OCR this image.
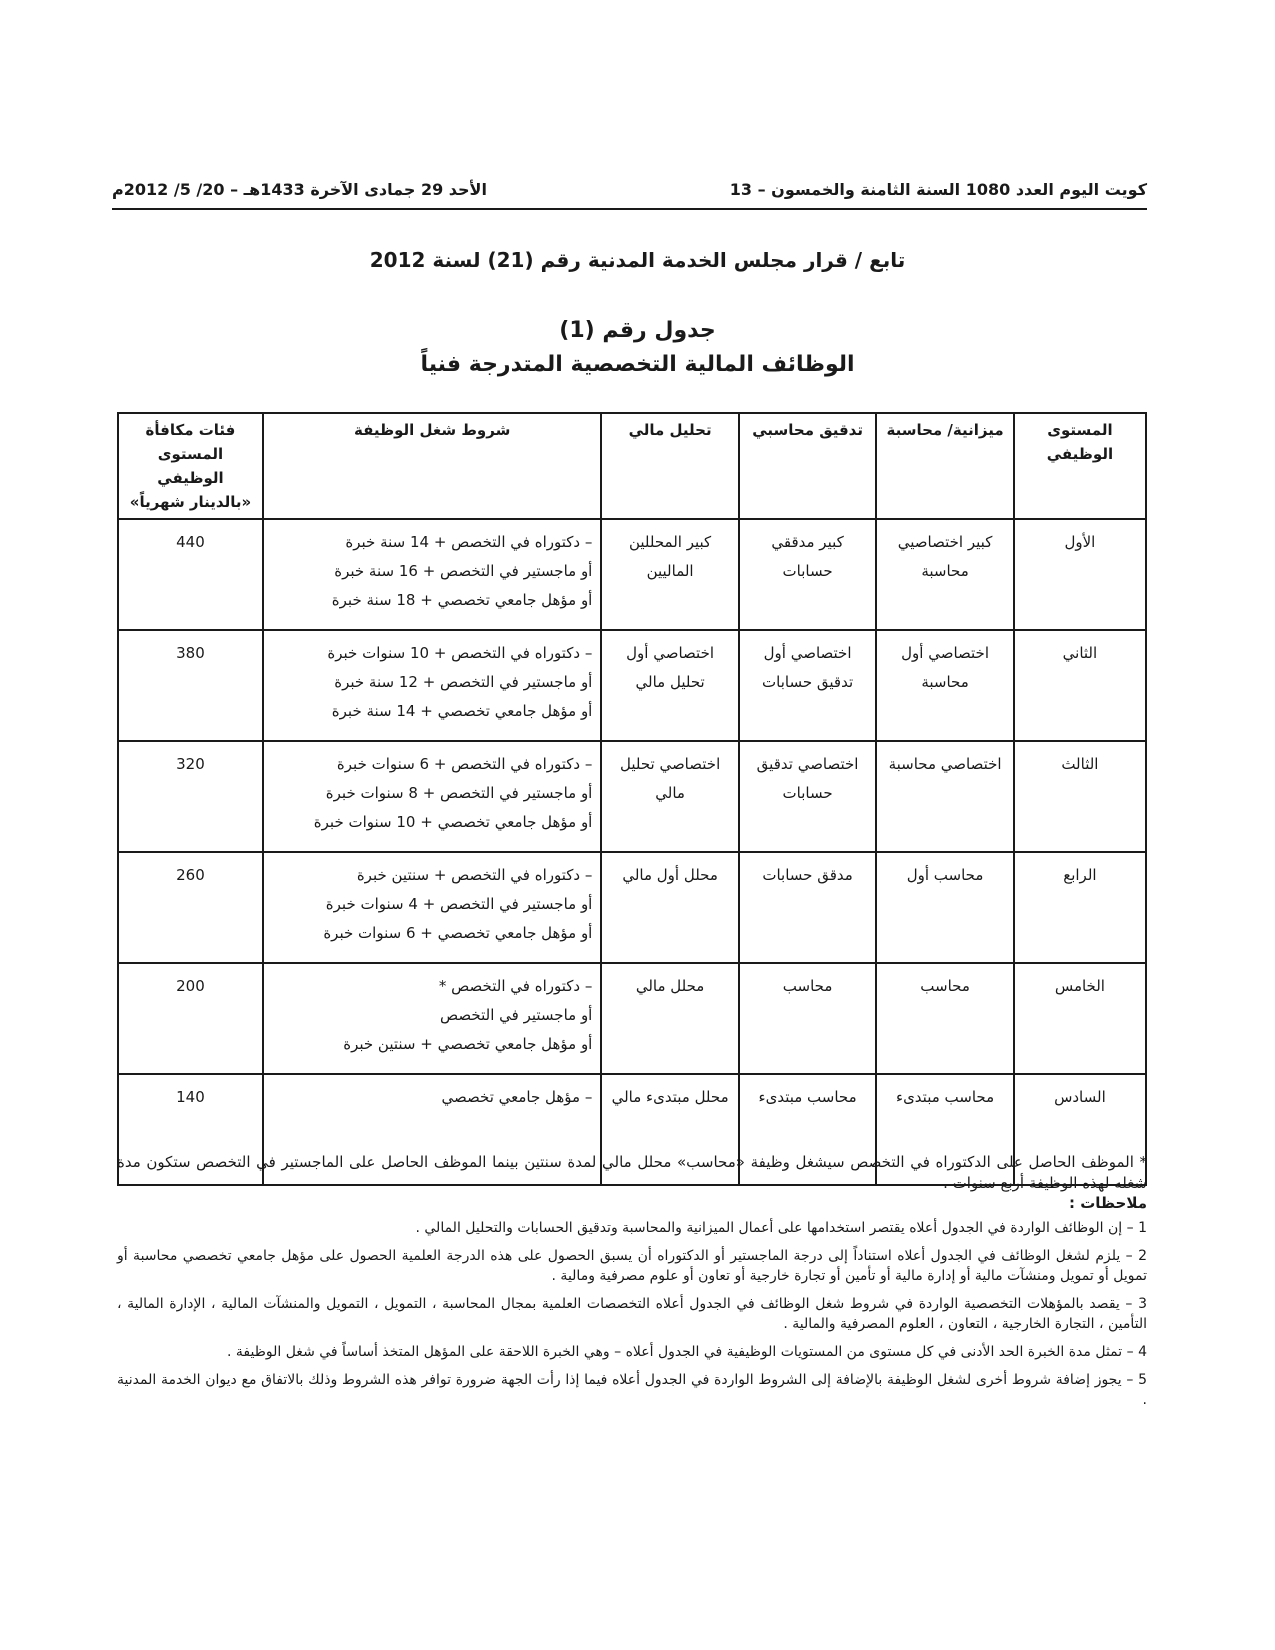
كويت اليوم العدد 1080 السنة الثامنة والخمسون – 13
الأحد 29 جمادى الآخرة 1433هـ – 20/ 5/ 2012م
تابع / قرار مجلس الخدمة المدنية رقم (21) لسنة 2012
جدول رقم (1)
الوظائف المالية التخصصية المتدرجة فنياً
المستوى الوظيفي	ميزانية/ محاسبة	تدقيق محاسبي	تحليل مالي	شروط شغل الوظيفة	فئات مكافأة المستوى الوظيفي «بالدينار شهرياً»
الأول	كبير اختصاصيي محاسبة	كبير مدققي حسابات	كبير المحللين الماليين	– دكتوراه في التخصص + 14 سنة خبرة
أو ماجستير في التخصص + 16 سنة خبرة
أو مؤهل جامعي تخصصي + 18 سنة خبرة	440
الثاني	اختصاصي أول محاسبة	اختصاصي أول تدقيق حسابات	اختصاصي أول تحليل مالي	– دكتوراه في التخصص + 10 سنوات خبرة
أو ماجستير في التخصص + 12 سنة خبرة
أو مؤهل جامعي تخصصي + 14 سنة خبرة	380
الثالث	اختصاصي محاسبة	اختصاصي تدقيق حسابات	اختصاصي تحليل مالي	– دكتوراه في التخصص + 6 سنوات خبرة
أو ماجستير في التخصص + 8 سنوات خبرة
أو مؤهل جامعي تخصصي + 10 سنوات خبرة	320
الرابع	محاسب أول	مدقق حسابات	محلل أول مالي	– دكتوراه في التخصص + سنتين خبرة
أو ماجستير في التخصص + 4 سنوات خبرة
أو مؤهل جامعي تخصصي + 6 سنوات خبرة	260
الخامس	محاسب	محاسب	محلل مالي	– دكتوراه في التخصص *
أو ماجستير في التخصص
أو مؤهل جامعي تخصصي + سنتين خبرة	200
السادس	محاسب مبتدىء	محاسب مبتدىء	محلل مبتدىء مالي	– مؤهل جامعي تخصصي	140
* الموظف الحاصل على الدكتوراه في التخصص سيشغل وظيفة «محاسب» محلل مالي لمدة سنتين بينما الموظف الحاصل على الماجستير في التخصص ستكون مدة شغله لهذه الوظيفة أربع سنوات .
ملاحظات :

1 – إن الوظائف الواردة في الجدول أعلاه يقتصر استخدامها على أعمال الميزانية والمحاسبة وتدقيق الحسابات والتحليل المالي .

2 – يلزم لشغل الوظائف في الجدول أعلاه استناداً إلى درجة الماجستير أو الدكتوراه أن يسبق الحصول على هذه الدرجة العلمية الحصول على مؤهل جامعي تخصصي محاسبة أو تمويل أو تمويل ومنشآت مالية أو إدارة مالية أو تأمين أو تجارة خارجية أو تعاون أو علوم مصرفية ومالية .

3 – يقصد بالمؤهلات التخصصية الواردة في شروط شغل الوظائف في الجدول أعلاه التخصصات العلمية بمجال المحاسبة ، التمويل ، التمويل والمنشآت المالية ، الإدارة المالية ، التأمين ، التجارة الخارجية ، التعاون ، العلوم المصرفية والمالية .

4 – تمثل مدة الخبرة الحد الأدنى في كل مستوى من المستويات الوظيفية في الجدول أعلاه – وهي الخبرة اللاحقة على المؤهل المتخذ أساساً في شغل الوظيفة .

5 – يجوز إضافة شروط أخرى لشغل الوظيفة بالإضافة إلى الشروط الواردة في الجدول أعلاه فيما إذا رأت الجهة ضرورة توافر هذه الشروط وذلك بالاتفاق مع ديوان الخدمة المدنية .
